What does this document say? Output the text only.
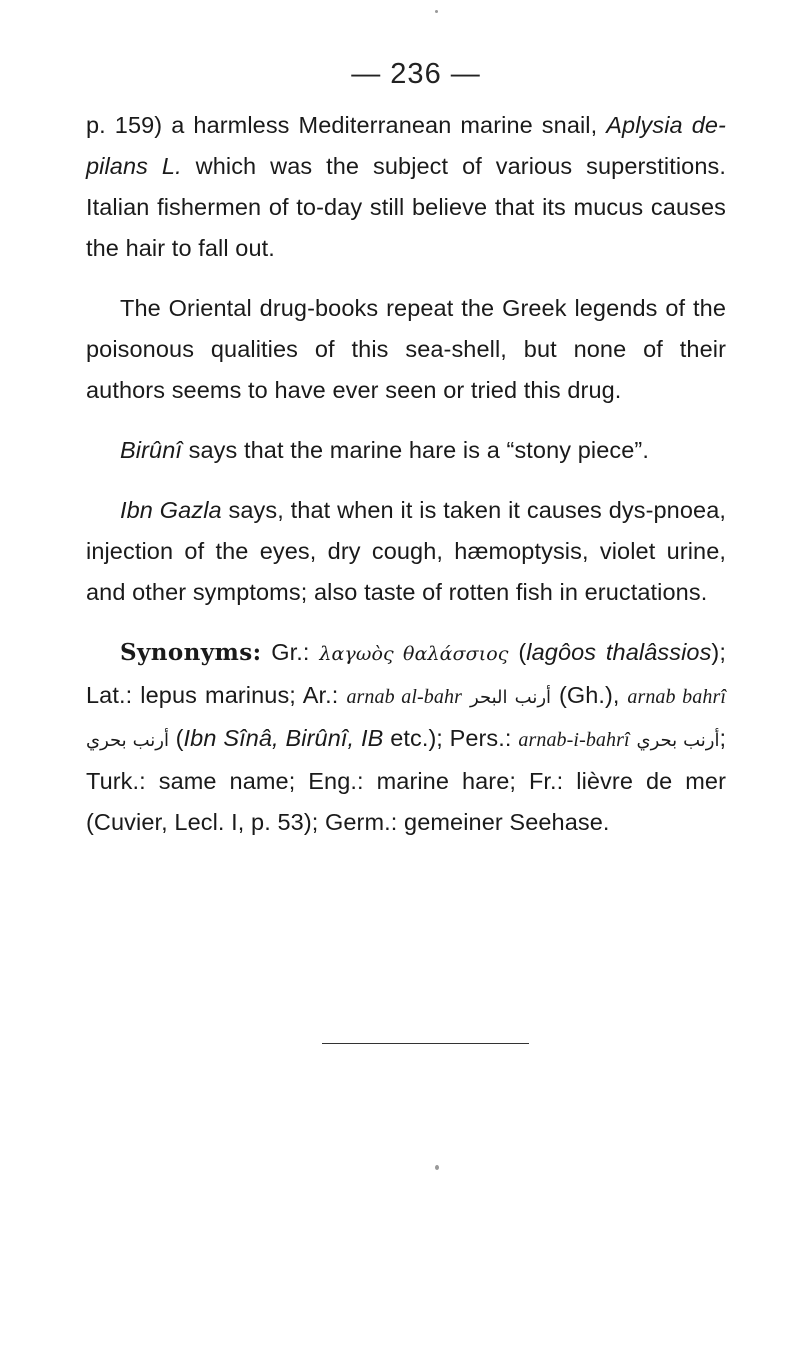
— 236 —

p. 159) a harmless Mediterranean marine snail, Aplysia de-pilans L. which was the subject of various superstitions. Italian fishermen of to-day still believe that its mucus causes the hair to fall out.

The Oriental drug-books repeat the Greek legends of the poisonous qualities of this sea-shell, but none of their authors seems to have ever seen or tried this drug.

Birûnî says that the marine hare is a “stony piece”.

Ibn Gazla says, that when it is taken it causes dys-pnoea, injection of the eyes, dry cough, hæmoptysis, violet urine, and other symptoms; also taste of rotten fish in eructations.

Synonyms: Gr.: λαγωὸς θαλάσσιος (lagôos thalâssios); Lat.: lepus marinus; Ar.: arnab al-bahr أرنب البحر (Gh.), arnab bahrî أرنب بحري (Ibn Sînâ, Birûnî, IB etc.); Pers.: arnab-i-bahrî أرنب بحري; Turk.: same name; Eng.: marine hare; Fr.: lièvre de mer (Cuvier, Lecl. I, p. 53); Germ.: gemeiner Seehase.
